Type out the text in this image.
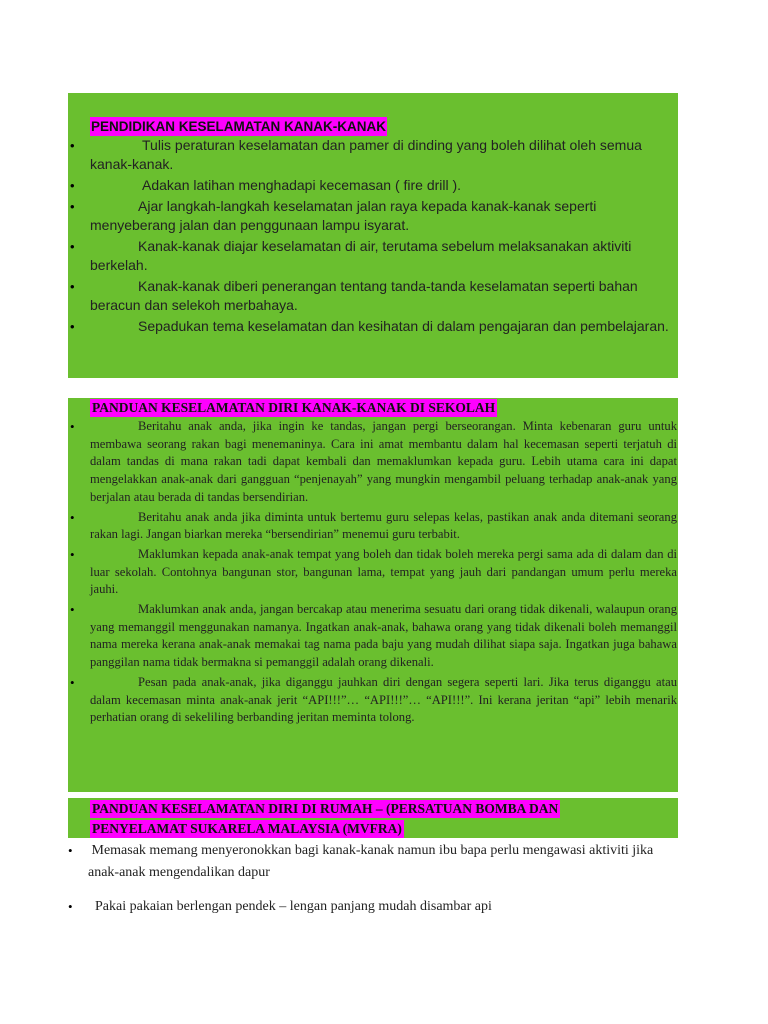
PENDIDIKAN KESELAMATAN KANAK-KANAK
•	Tulis peraturan keselamatan dan pamer di dinding yang boleh dilihat oleh semua kanak-kanak.
•	Adakan latihan menghadapi kecemasan ( fire drill ).
•	Ajar langkah-langkah keselamatan jalan raya kepada kanak-kanak seperti menyeberang jalan dan penggunaan lampu isyarat.
•	Kanak-kanak diajar keselamatan di air, terutama sebelum melaksanakan aktiviti berkelah.
•	Kanak-kanak diberi penerangan tentang tanda-tanda keselamatan seperti bahan beracun dan selekoh merbahaya.
•	Sepadukan tema keselamatan dan kesihatan di dalam pengajaran dan pembelajaran.
PANDUAN KESELAMATAN DIRI KANAK-KANAK DI SEKOLAH
•	Beritahu anak anda, jika ingin ke tandas, jangan pergi berseorangan. Minta kebenaran guru untuk membawa seorang rakan bagi menemaninya. Cara ini amat membantu dalam hal kecemasan seperti terjatuh di dalam tandas di mana rakan tadi dapat kembali dan memaklumkan kepada guru. Lebih utama cara ini dapat mengelakkan anak-anak dari gangguan “penjenayah” yang mungkin mengambil peluang terhadap anak-anak yang berjalan atau berada di tandas bersendirian.
•	Beritahu anak anda jika diminta untuk bertemu guru selepas kelas, pastikan anak anda ditemani seorang rakan lagi. Jangan biarkan mereka “bersendirian” menemui guru terbabit.
•	Maklumkan kepada anak-anak tempat yang boleh dan tidak boleh mereka pergi sama ada di dalam dan di luar sekolah. Contohnya bangunan stor, bangunan lama, tempat yang jauh dari pandangan umum perlu mereka jauhi.
•	Maklumkan anak anda, jangan bercakap atau menerima sesuatu dari orang tidak dikenali, walaupun orang yang memanggil menggunakan namanya. Ingatkan anak-anak, bahawa orang yang tidak dikenali boleh memanggil nama mereka kerana anak-anak memakai tag nama pada baju yang mudah dilihat siapa saja. Ingatkan juga bahawa panggilan nama tidak bermakna si pemanggil adalah orang dikenali.
•	Pesan pada anak-anak, jika diganggu jauhkan diri dengan segera seperti lari. Jika terus diganggu atau dalam kecemasan minta anak-anak jerit “API!!!”… “API!!!”… “API!!!”. Ini kerana jeritan “api” lebih menarik perhatian orang di sekeliling berbanding jeritan meminta tolong.
PANDUAN KESELAMATAN DIRI DI RUMAH – (PERSATUAN BOMBA DAN
PENYELAMAT SUKARELA MALAYSIA (MVFRA)
• Memasak memang menyeronokkan bagi kanak-kanak namun ibu bapa perlu mengawasi aktiviti jika anak-anak mengendalikan dapur
• Pakai pakaian berlengan pendek – lengan panjang mudah disambar api
